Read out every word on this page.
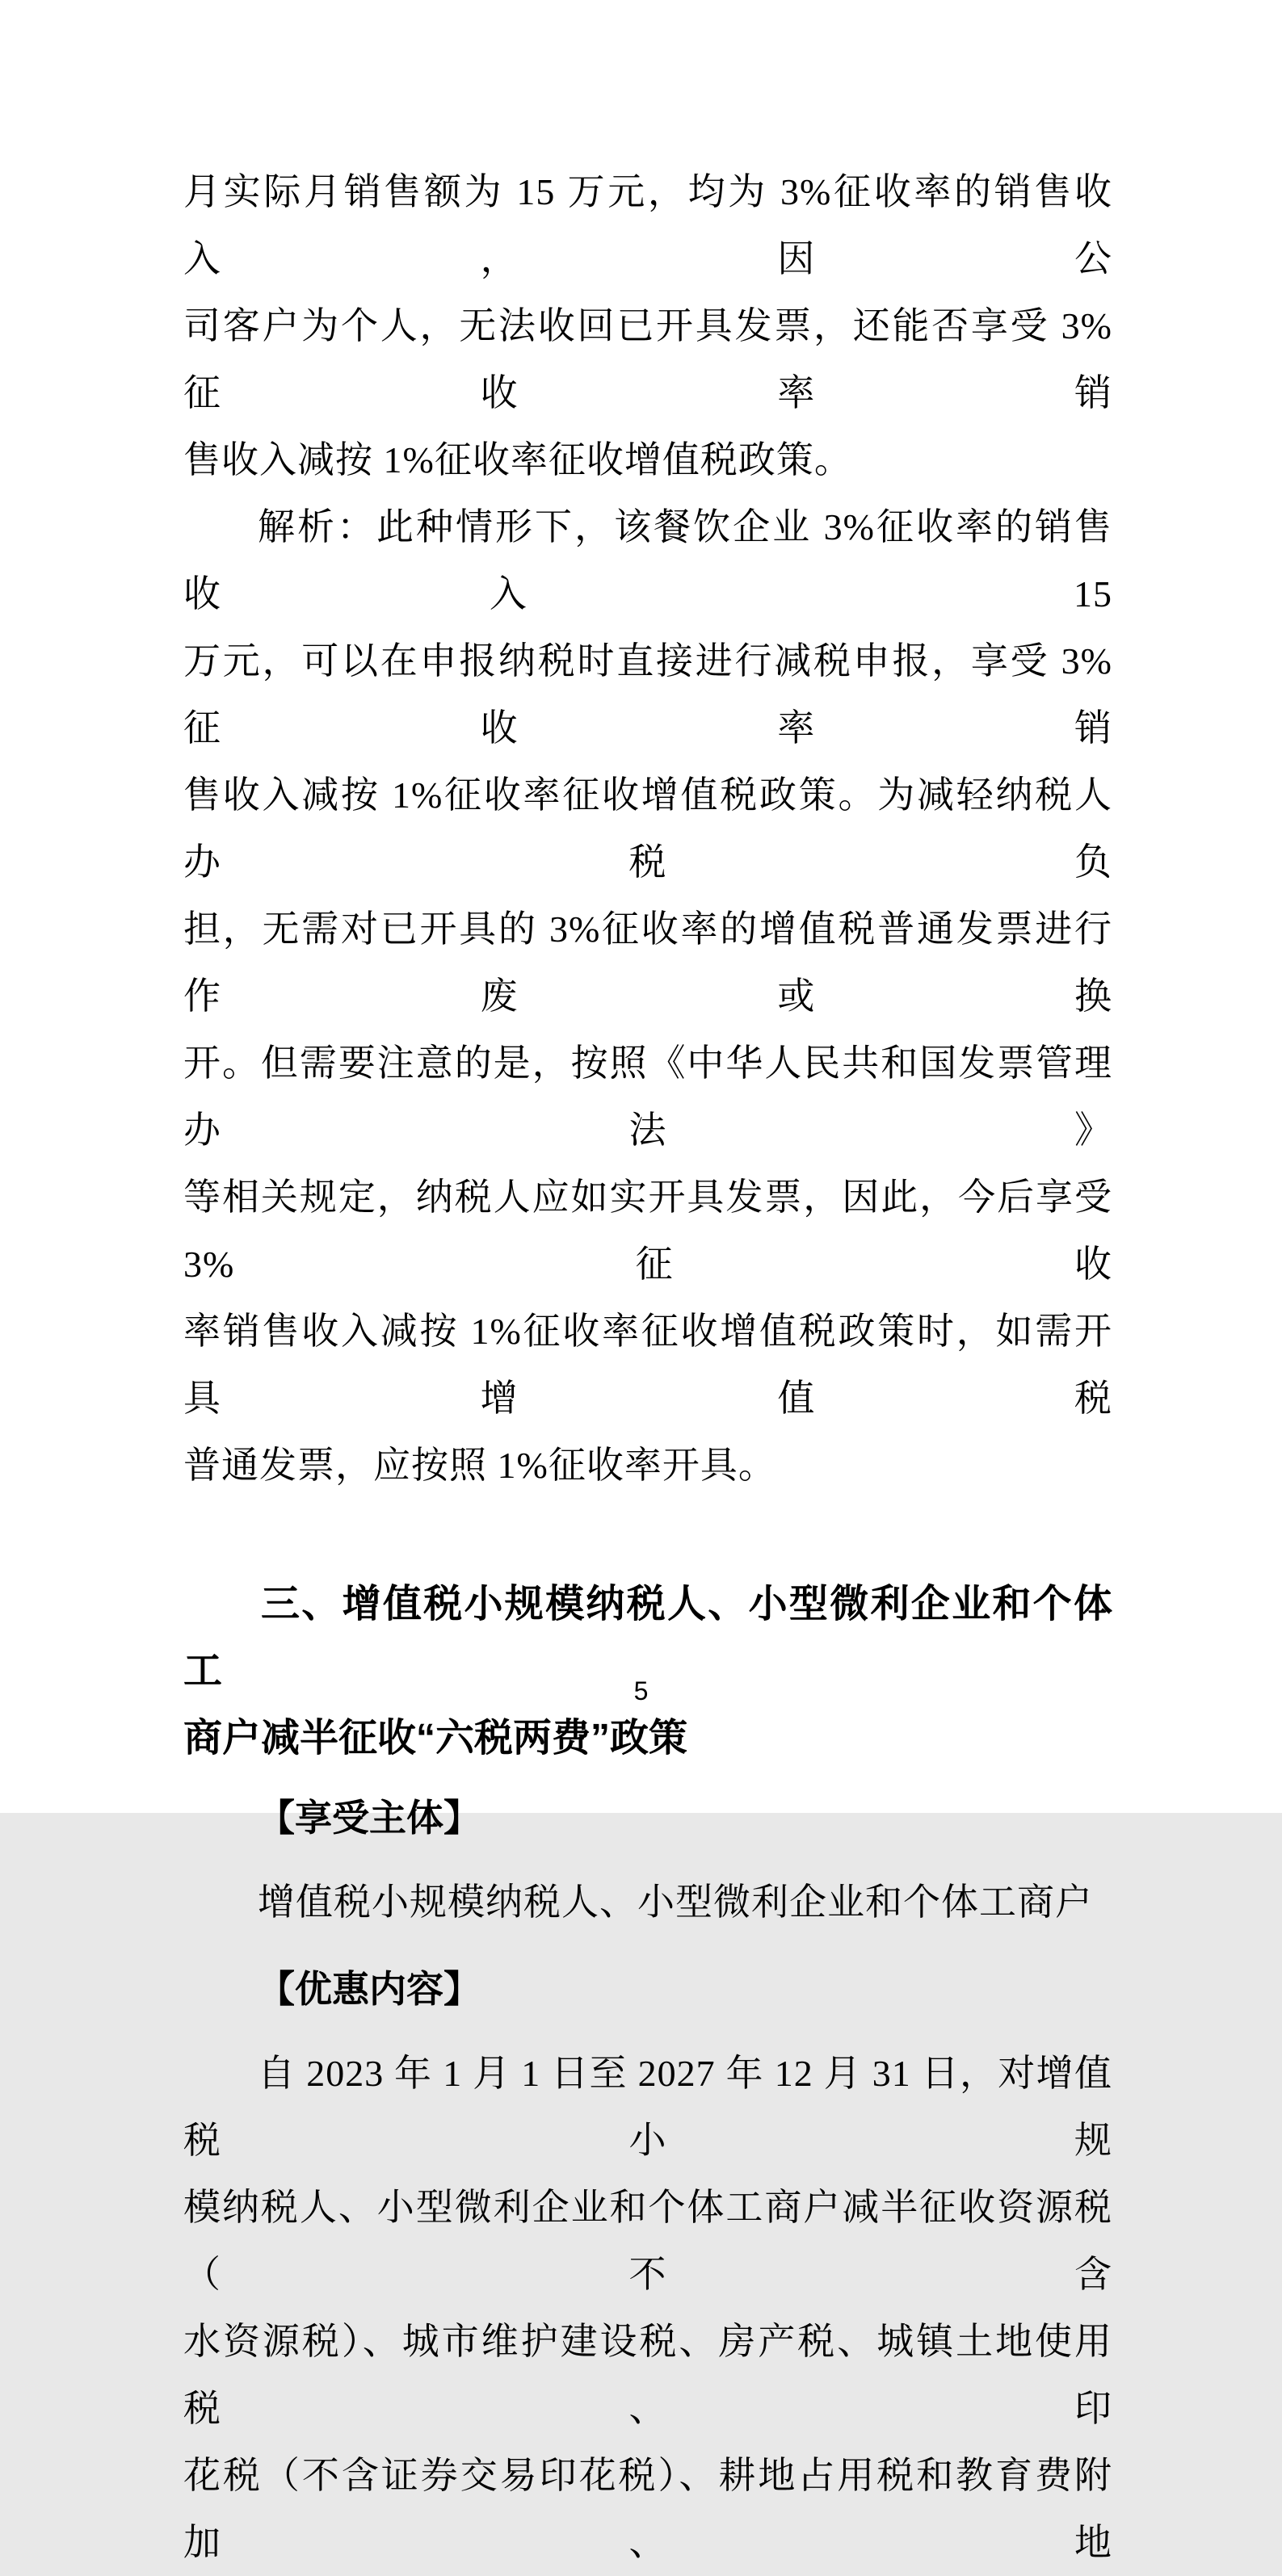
月实际月销售额为 15 万元，均为 3%征收率的销售收入，因公
司客户为个人，无法收回已开具发票，还能否享受 3%征收率销
售收入减按 1%征收率征收增值税政策。
解析：此种情形下，该餐饮企业 3%征收率的销售收入 15
万元，可以在申报纳税时直接进行减税申报，享受 3%征收率销
售收入减按 1%征收率征收增值税政策。为减轻纳税人办税负
担，无需对已开具的 3%征收率的增值税普通发票进行作废或换
开。但需要注意的是，按照《中华人民共和国发票管理办法》
等相关规定，纳税人应如实开具发票，因此，今后享受 3%征收
率销售收入减按 1%征收率征收增值税政策时，如需开具增值税
普通发票，应按照 1%征收率开具。
三、增值税小规模纳税人、小型微利企业和个体工
商户减半征收“六税两费”政策
【享受主体】
增值税小规模纳税人、小型微利企业和个体工商户
【优惠内容】
自 2023 年 1 月 1 日至 2027 年 12 月 31 日，对增值税小规
模纳税人、小型微利企业和个体工商户减半征收资源税（不含
水资源税）、城市维护建设税、房产税、城镇土地使用税、印
花税（不含证券交易印花税）、耕地占用税和教育费附加、地
5
